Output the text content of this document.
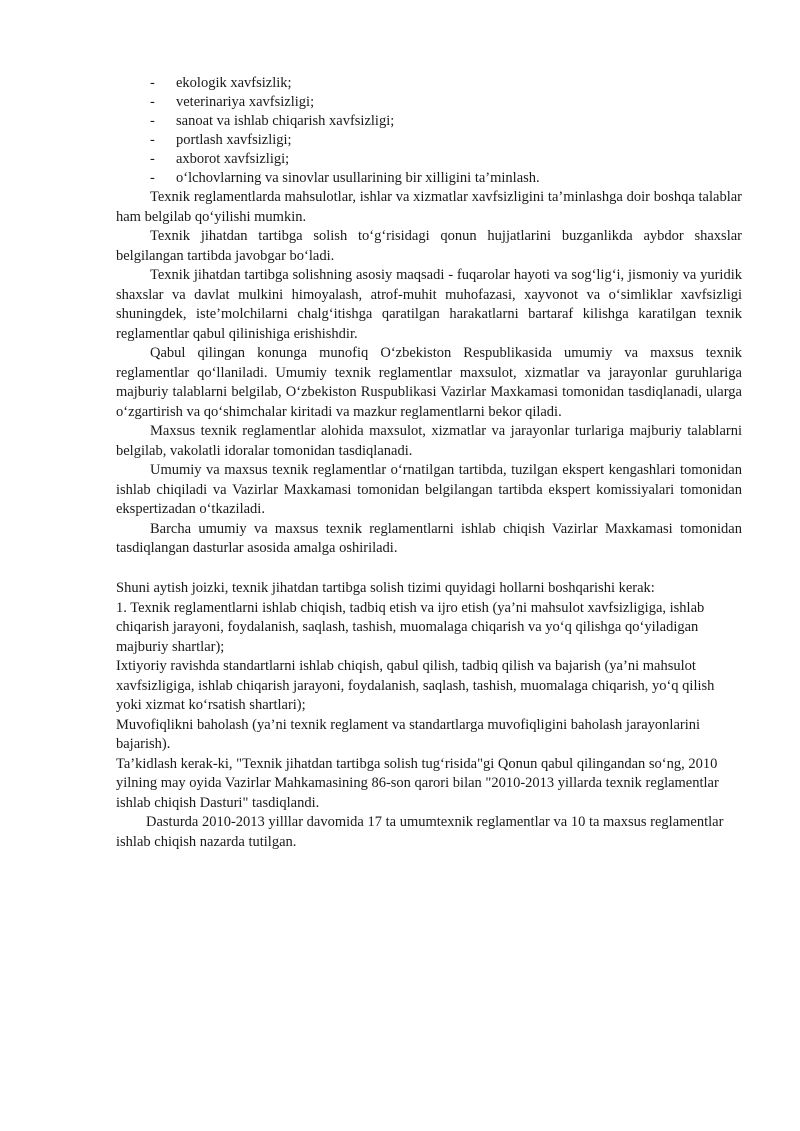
- ekologik xavfsizlik;
- veterinariya xavfsizligi;
- sanoat va ishlab chiqarish xavfsizligi;
- portlash xavfsizligi;
- axborot xavfsizligi;
- o‘lchovlarning va sinovlar usullarining bir xilligini ta’minlash.

Texnik reglamentlarda mahsulotlar, ishlar va xizmatlar xavfsizligini ta’minlashga doir boshqa talablar ham belgilab qo‘yilishi mumkin.

Texnik jihatdan tartibga solish to‘g‘risidagi qonun hujjatlarini buzganlikda aybdor shaxslar belgilangan tartibda javobgar bo‘ladi.

Texnik jihatdan tartibga solishning asosiy maqsadi - fuqarolar hayoti va sog‘lig‘i, jismoniy va yuridik shaxslar va davlat mulkini himoyalash, atrof-muhit muhofazasi, xayvonot va o‘simliklar xavfsizligi shuningdek, iste’molchilarni chalg‘itishga qaratilgan harakatlarni bartaraf kilishga karatilgan texnik reglamentlar qabul qilinishiga erishishdir.

Qabul qilingan konunga munofiq O‘zbekiston Respublikasida umumiy va maxsus texnik reglamentlar qo‘llaniladi. Umumiy texnik reglamentlar maxsulot, xizmatlar va jarayonlar guruhlariga majburiy talablarni belgilab, O‘zbekiston Ruspublikasi Vazirlar Maxkamasi tomonidan tasdiqlanadi, ularga o‘zgartirish va qo‘shimchalar kiritadi va mazkur reglamentlarni bekor qiladi.

Maxsus texnik reglamentlar alohida maxsulot, xizmatlar va jarayonlar turlariga majburiy talablarni belgilab, vakolatli idoralar tomonidan tasdiqlanadi.

Umumiy va maxsus texnik reglamentlar o‘rnatilgan tartibda, tuzilgan ekspert kengashlari tomonidan ishlab chiqiladi va Vazirlar Maxkamasi tomonidan belgilangan tartibda ekspert komissiyalari tomonidan ekspertizadan o‘tkaziladi.

Barcha umumiy va maxsus texnik reglamentlarni ishlab chiqish Vazirlar Maxkamasi tomonidan tasdiqlangan dasturlar asosida amalga oshiriladi.

Shuni aytish joizki, texnik jihatdan tartibga solish tizimi quyidagi hollarni boshqarishi kerak:

1. Texnik reglamentlarni ishlab chiqish, tadbiq etish va ijro etish (ya’ni mahsulot xavfsizligiga, ishlab chiqarish jarayoni, foydalanish, saqlash, tashish, muomalaga chiqarish va yo‘q qilishga qo‘yiladigan majburiy shartlar);

Ixtiyoriy ravishda standartlarni ishlab chiqish, qabul qilish, tadbiq qilish va bajarish (ya’ni mahsulot xavfsizligiga, ishlab chiqarish jarayoni, foydalanish, saqlash, tashish, muomalaga chiqarish, yo‘q qilish yoki xizmat ko‘rsatish shartlari);

Muvofiqlikni baholash (ya’ni texnik reglament va standartlarga muvofiqligini baholash jarayonlarini bajarish).

Ta’kidlash kerak-ki, "Texnik jihatdan tartibga solish tug‘risida"gi Qonun qabul qilingandan so‘ng, 2010 yilning may oyida Vazirlar Mahkamasining 86-son qarori bilan "2010-2013 yillarda texnik reglamentlar ishlab chiqish Dasturi" tasdiqlandi.

Dasturda 2010-2013 yilllar davomida 17 ta umumtexnik reglamentlar va 10 ta maxsus reglamentlar ishlab chiqish nazarda tutilgan.
